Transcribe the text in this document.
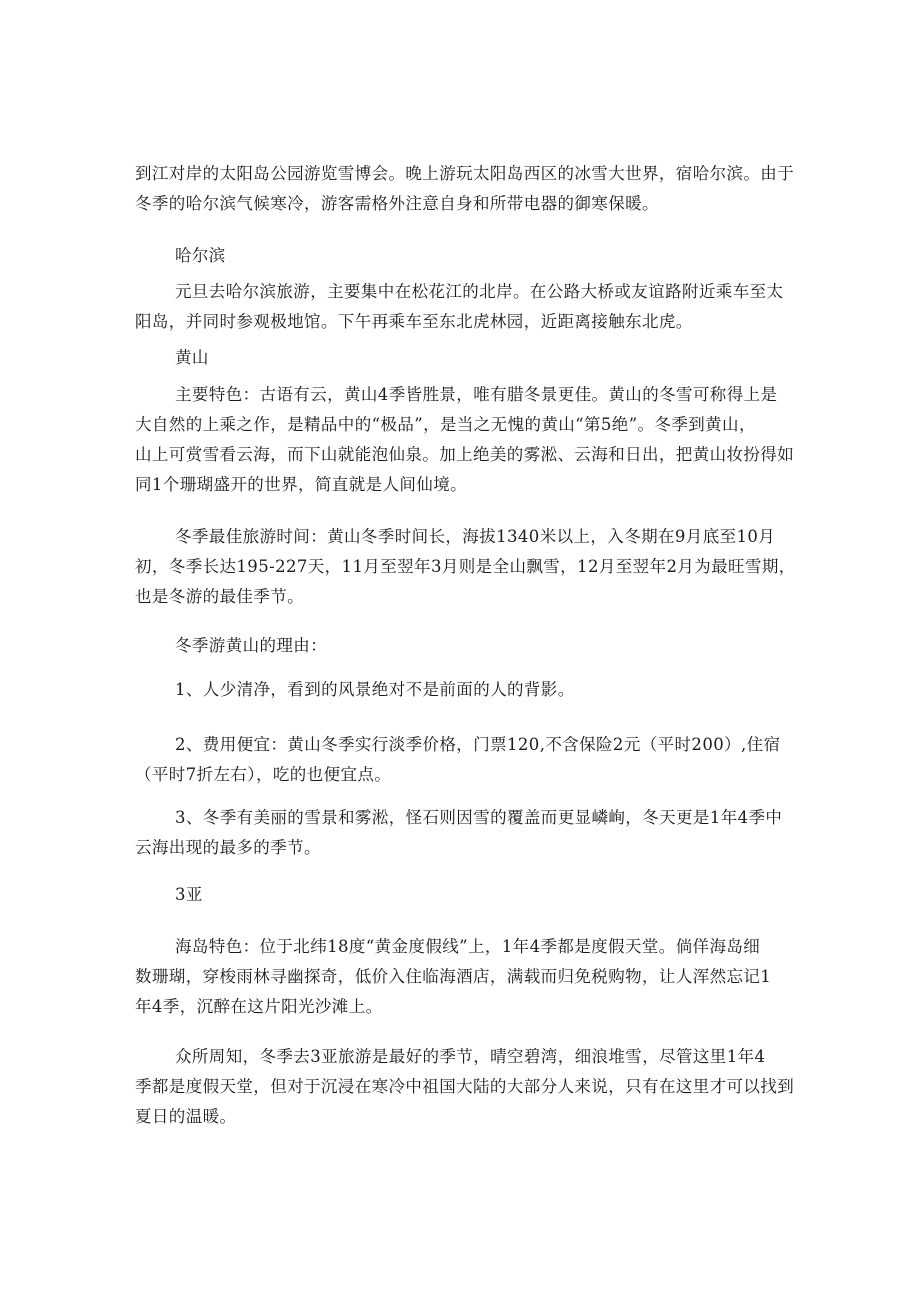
到江对岸的太阳岛公园游览雪博会。晚上游玩太阳岛西区的冰雪大世界，宿哈尔滨。由于
冬季的哈尔滨气候寒冷，游客需格外注意自身和所带电器的御寒保暖。

哈尔滨

元旦去哈尔滨旅游，主要集中在松花江的北岸。在公路大桥或友谊路附近乘车至太
阳岛，并同时参观极地馆。下午再乘车至东北虎林园，近距离接触东北虎。

黄山

主要特色：古语有云，黄山4季皆胜景，唯有腊冬景更佳。黄山的冬雪可称得上是
大自然的上乘之作，是精品中的“极品”，是当之无愧的黄山“第5绝”。冬季到黄山，
山上可赏雪看云海，而下山就能泡仙泉。加上绝美的雾淞、云海和日出，把黄山妆扮得如
同1个珊瑚盛开的世界，简直就是人间仙境。

冬季最佳旅游时间：黄山冬季时间长，海拔1340米以上，入冬期在9月底至10月
初，冬季长达195-227天，11月至翌年3月则是全山飘雪，12月至翌年2月为最旺雪期，
也是冬游的最佳季节。

冬季游黄山的理由：

1、人少清净，看到的风景绝对不是前面的人的背影。

2、费用便宜：黄山冬季实行淡季价格，门票120,不含保险2元（平时200）,住宿
（平时7折左右），吃的也便宜点。

3、冬季有美丽的雪景和雾淞，怪石则因雪的覆盖而更显嶙峋，冬天更是1年4季中
云海出现的最多的季节。

3亚

海岛特色：位于北纬18度“黄金度假线”上，1年4季都是度假天堂。倘佯海岛细
数珊瑚，穿梭雨林寻幽探奇，低价入住临海酒店，满载而归免税购物，让人浑然忘记1
年4季，沉醉在这片阳光沙滩上。

众所周知，冬季去3亚旅游是最好的季节，晴空碧湾，细浪堆雪，尽管这里1年4
季都是度假天堂，但对于沉浸在寒冷中祖国大陆的大部分人来说，只有在这里才可以找到
夏日的温暖。
